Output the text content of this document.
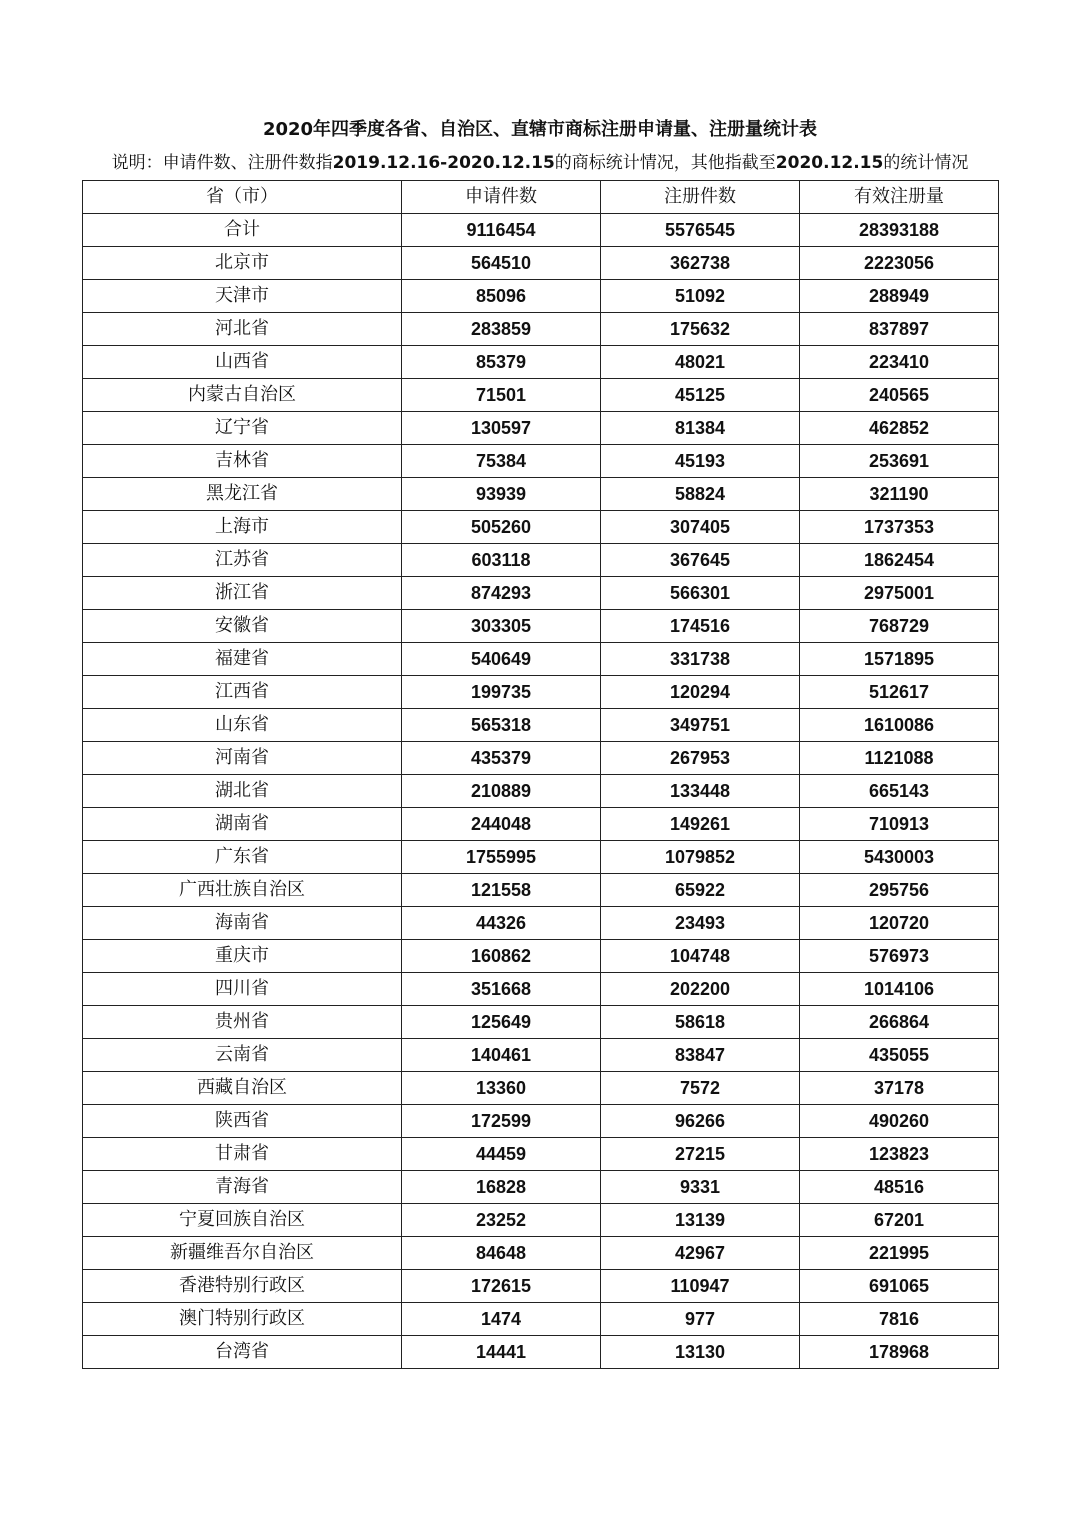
2020年四季度各省、自治区、直辖市商标注册申请量、注册量统计表
说明：申请件数、注册件数指2019.12.16-2020.12.15的商标统计情况，其他指截至2020.12.15的统计情况
省（市）	申请件数	注册件数	有效注册量
合计	9116454	5576545	28393188
北京市	564510	362738	2223056
天津市	85096	51092	288949
河北省	283859	175632	837897
山西省	85379	48021	223410
内蒙古自治区	71501	45125	240565
辽宁省	130597	81384	462852
吉林省	75384	45193	253691
黑龙江省	93939	58824	321190
上海市	505260	307405	1737353
江苏省	603118	367645	1862454
浙江省	874293	566301	2975001
安徽省	303305	174516	768729
福建省	540649	331738	1571895
江西省	199735	120294	512617
山东省	565318	349751	1610086
河南省	435379	267953	1121088
湖北省	210889	133448	665143
湖南省	244048	149261	710913
广东省	1755995	1079852	5430003
广西壮族自治区	121558	65922	295756
海南省	44326	23493	120720
重庆市	160862	104748	576973
四川省	351668	202200	1014106
贵州省	125649	58618	266864
云南省	140461	83847	435055
西藏自治区	13360	7572	37178
陕西省	172599	96266	490260
甘肃省	44459	27215	123823
青海省	16828	9331	48516
宁夏回族自治区	23252	13139	67201
新疆维吾尔自治区	84648	42967	221995
香港特别行政区	172615	110947	691065
澳门特别行政区	1474	977	7816
台湾省	14441	13130	178968
